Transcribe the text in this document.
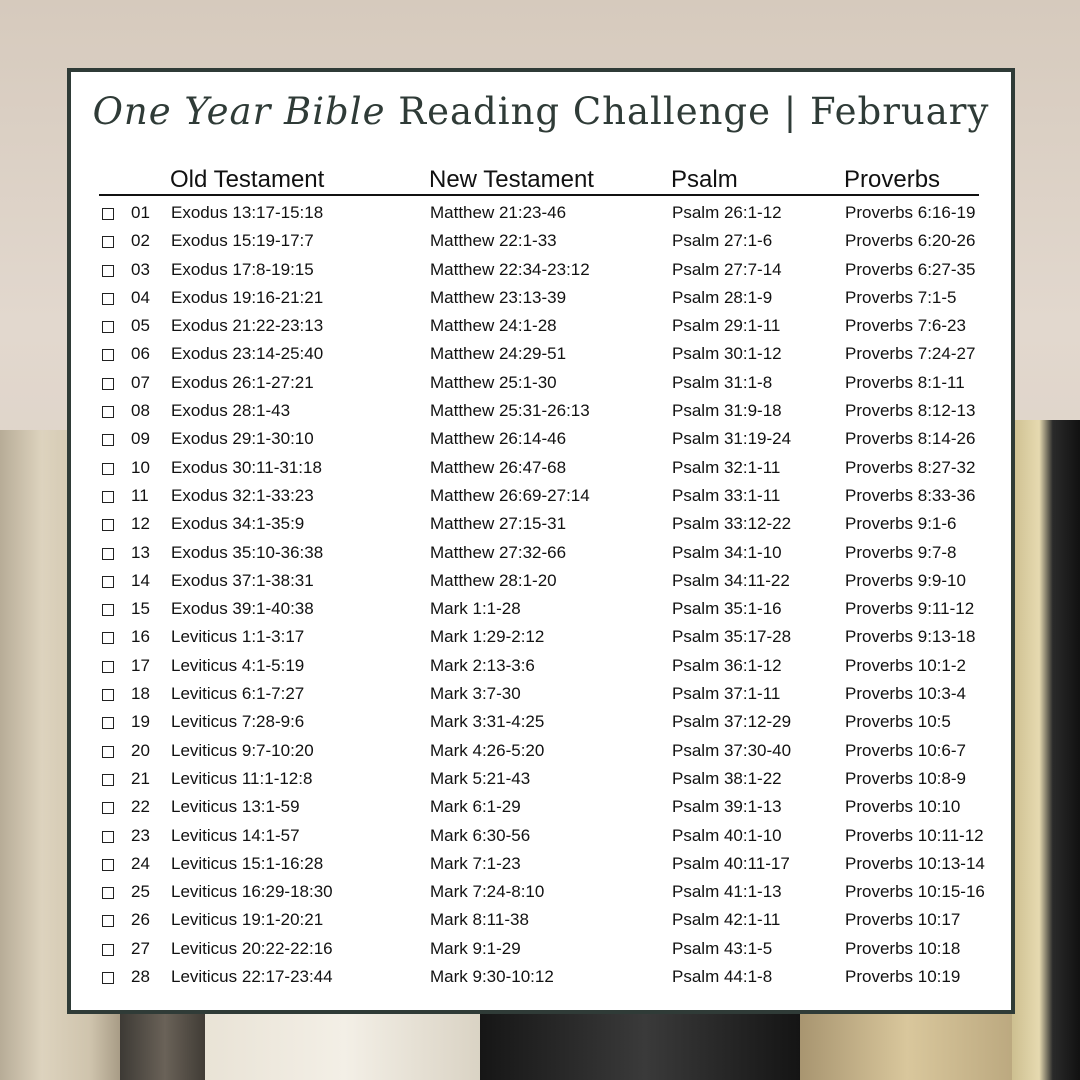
One Year Bible Reading Challenge | February
Old Testament	New Testament	Psalm	Proverbs
01 Exodus 13:17-15:18	Matthew 21:23-46	Psalm 26:1-12	Proverbs 6:16-19
02 Exodus 15:19-17:7	Matthew 22:1-33	Psalm 27:1-6	Proverbs 6:20-26
03 Exodus 17:8-19:15	Matthew 22:34-23:12	Psalm 27:7-14	Proverbs 6:27-35
04 Exodus 19:16-21:21	Matthew 23:13-39	Psalm 28:1-9	Proverbs 7:1-5
05 Exodus 21:22-23:13	Matthew 24:1-28	Psalm 29:1-11	Proverbs 7:6-23
06 Exodus 23:14-25:40	Matthew 24:29-51	Psalm 30:1-12	Proverbs 7:24-27
07 Exodus 26:1-27:21	Matthew 25:1-30	Psalm 31:1-8	Proverbs 8:1-11
08 Exodus 28:1-43	Matthew 25:31-26:13	Psalm 31:9-18	Proverbs 8:12-13
09 Exodus 29:1-30:10	Matthew 26:14-46	Psalm 31:19-24	Proverbs 8:14-26
10 Exodus 30:11-31:18	Matthew 26:47-68	Psalm 32:1-11	Proverbs 8:27-32
11 Exodus 32:1-33:23	Matthew 26:69-27:14	Psalm 33:1-11	Proverbs 8:33-36
12 Exodus 34:1-35:9	Matthew 27:15-31	Psalm 33:12-22	Proverbs 9:1-6
13 Exodus 35:10-36:38	Matthew 27:32-66	Psalm 34:1-10	Proverbs 9:7-8
14 Exodus 37:1-38:31	Matthew 28:1-20	Psalm 34:11-22	Proverbs 9:9-10
15 Exodus 39:1-40:38	Mark 1:1-28	Psalm 35:1-16	Proverbs 9:11-12
16 Leviticus 1:1-3:17	Mark 1:29-2:12	Psalm 35:17-28	Proverbs 9:13-18
17 Leviticus 4:1-5:19	Mark 2:13-3:6	Psalm 36:1-12	Proverbs 10:1-2
18 Leviticus 6:1-7:27	Mark 3:7-30	Psalm 37:1-11	Proverbs 10:3-4
19 Leviticus 7:28-9:6	Mark 3:31-4:25	Psalm 37:12-29	Proverbs 10:5
20 Leviticus 9:7-10:20	Mark 4:26-5:20	Psalm 37:30-40	Proverbs 10:6-7
21 Leviticus 11:1-12:8	Mark 5:21-43	Psalm 38:1-22	Proverbs 10:8-9
22 Leviticus 13:1-59	Mark 6:1-29	Psalm 39:1-13	Proverbs 10:10
23 Leviticus 14:1-57	Mark 6:30-56	Psalm 40:1-10	Proverbs 10:11-12
24 Leviticus 15:1-16:28	Mark 7:1-23	Psalm 40:11-17	Proverbs 10:13-14
25 Leviticus 16:29-18:30	Mark 7:24-8:10	Psalm 41:1-13	Proverbs 10:15-16
26 Leviticus 19:1-20:21	Mark 8:11-38	Psalm 42:1-11	Proverbs 10:17
27 Leviticus 20:22-22:16	Mark 9:1-29	Psalm 43:1-5	Proverbs 10:18
28 Leviticus 22:17-23:44	Mark 9:30-10:12	Psalm 44:1-8	Proverbs 10:19
